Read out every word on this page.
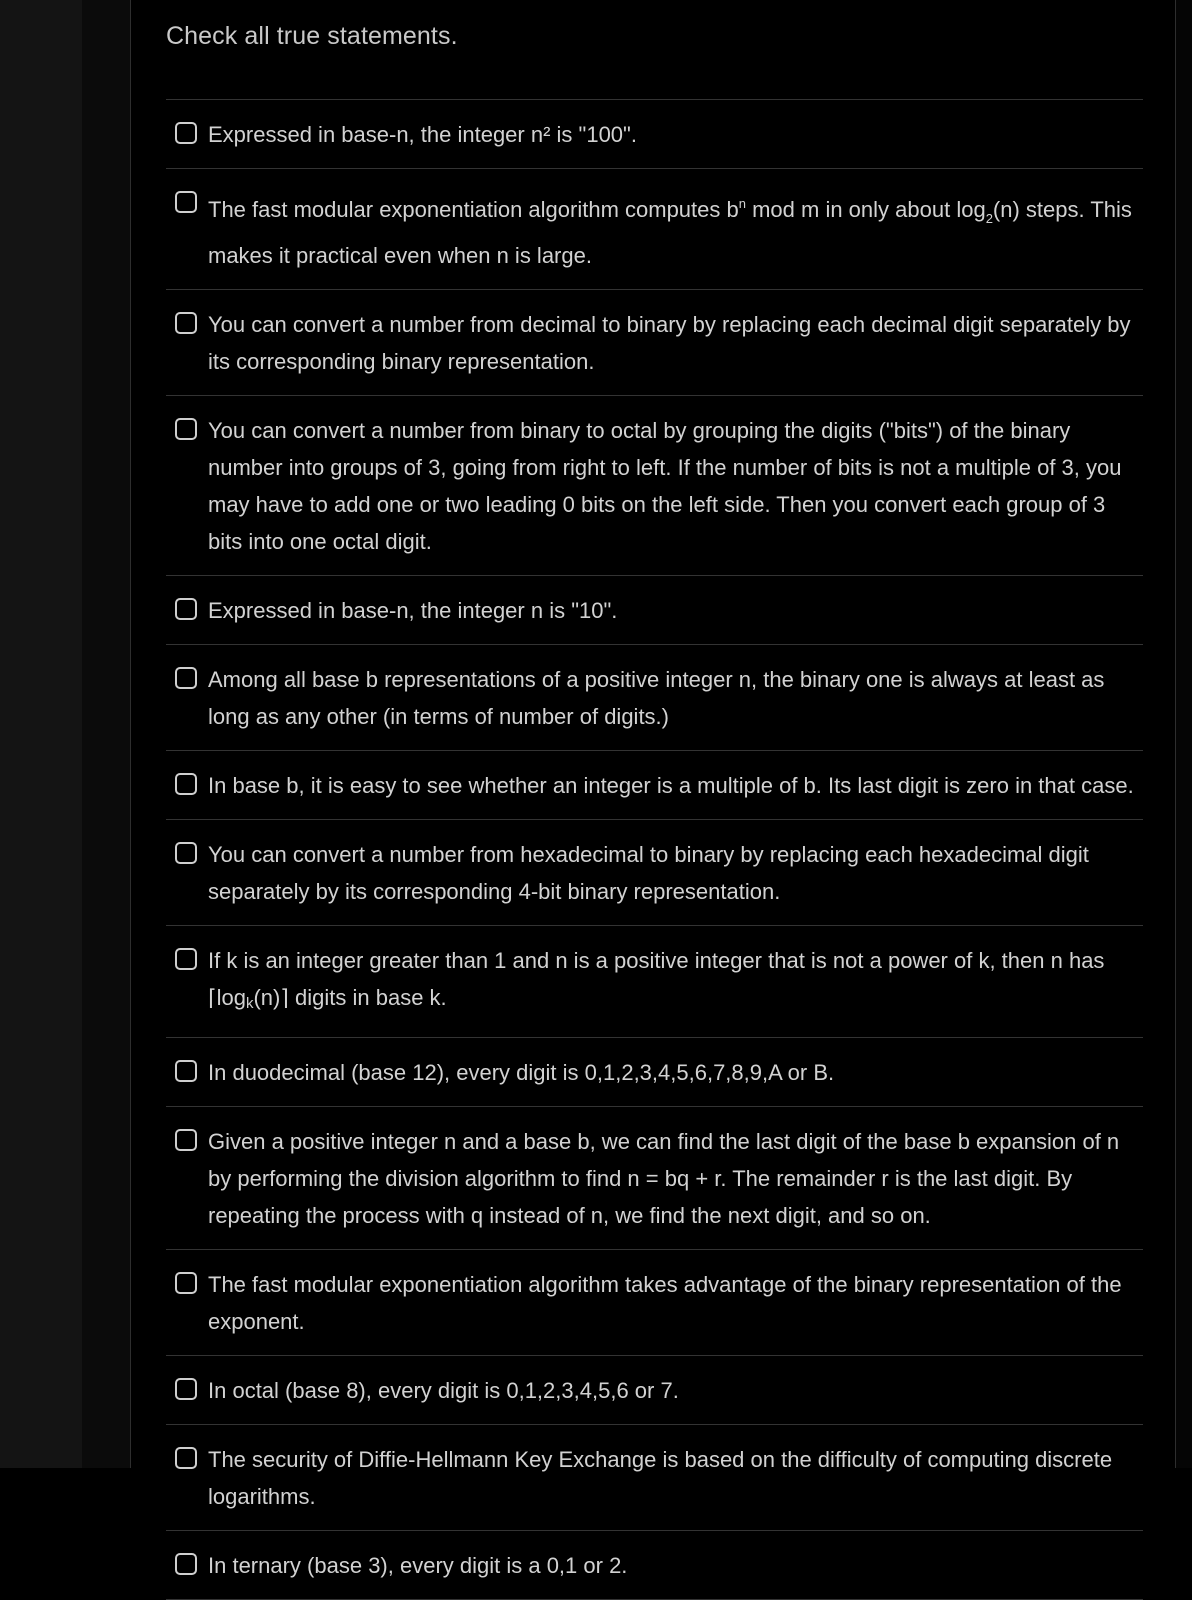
Check all true statements.
Expressed in base-n, the integer n² is "100".
The fast modular exponentiation algorithm computes $b^n$ mod m in only about $\log_2(n)$ steps. This makes it practical even when n is large.
You can convert a number from decimal to binary by replacing each decimal digit separately by its corresponding binary representation.
You can convert a number from binary to octal by grouping the digits ("bits") of the binary number into groups of 3, going from right to left. If the number of bits is not a multiple of 3, you may have to add one or two leading 0 bits on the left side. Then you convert each group of 3 bits into one octal digit.
Expressed in base-n, the integer n is "10".
Among all base b representations of a positive integer n, the binary one is always at least as long as any other (in terms of number of digits.)
In base b, it is easy to see whether an integer is a multiple of b. Its last digit is zero in that case.
You can convert a number from hexadecimal to binary by replacing each hexadecimal digit separately by its corresponding 4-bit binary representation.
If k is an integer greater than 1 and n is a positive integer that is not a power of k, then n has ⌈logk(n)⌉ digits in base k.
In duodecimal (base 12), every digit is 0,1,2,3,4,5,6,7,8,9,A or B.
Given a positive integer n and a base b, we can find the last digit of the base b expansion of n by performing the division algorithm to find n = bq + r. The remainder r is the last digit. By repeating the process with q instead of n, we find the next digit, and so on.
The fast modular exponentiation algorithm takes advantage of the binary representation of the exponent.
In octal (base 8), every digit is 0,1,2,3,4,5,6 or 7.
The security of Diffie-Hellmann Key Exchange is based on the difficulty of computing discrete logarithms.
In ternary (base 3), every digit is a 0,1 or 2.
